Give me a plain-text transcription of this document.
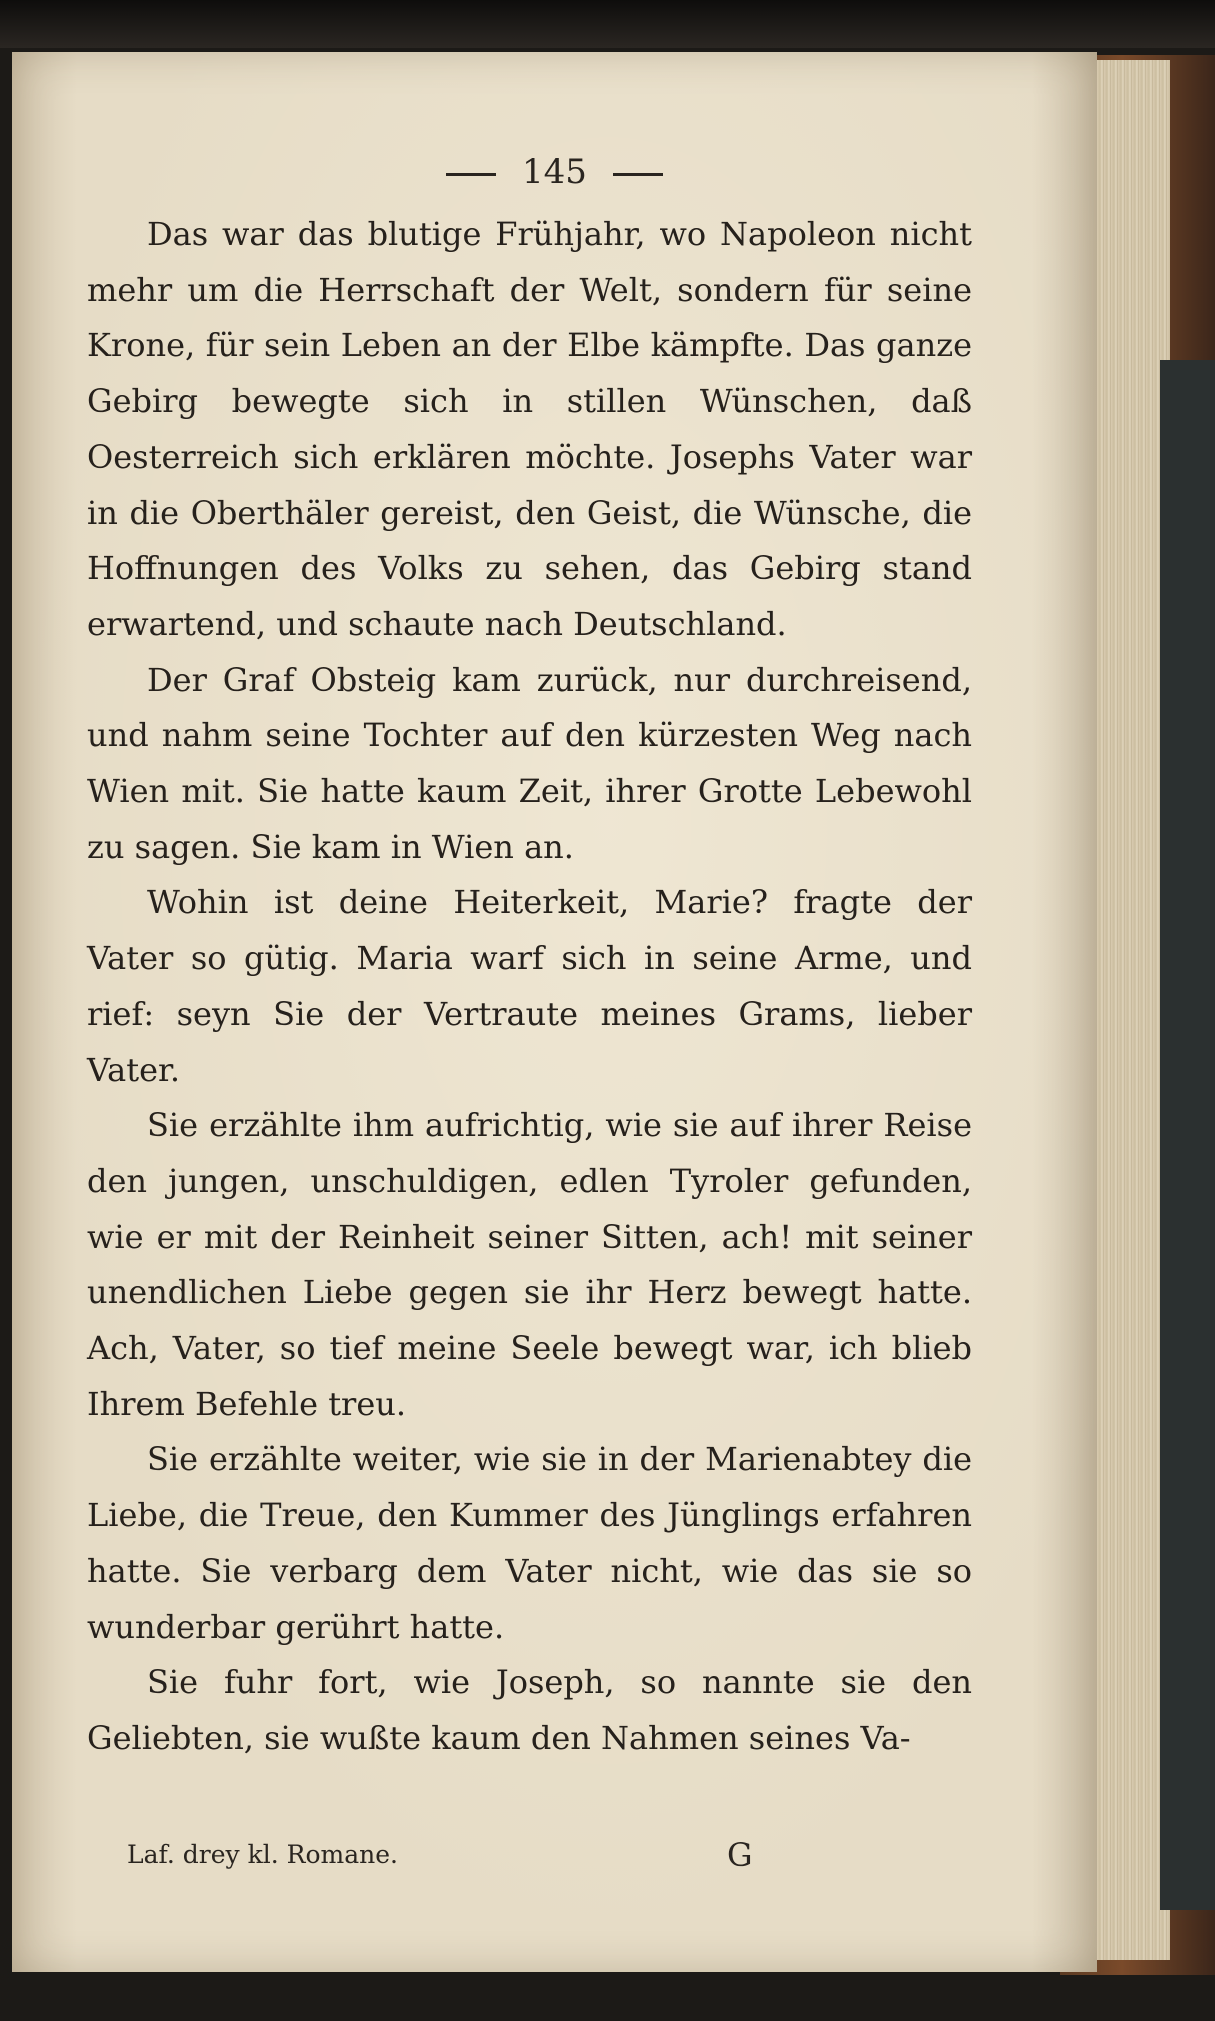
145

Das war das blutige Frühjahr, wo Napoleon nicht mehr um die Herrschaft der Welt, sondern für seine Krone, für sein Leben an der Elbe kämpfte. Das ganze Gebirg bewegte sich in stillen Wünschen, daß Oesterreich sich erklären möchte. Josephs Vater war in die Oberthäler gereist, den Geist, die Wünsche, die Hoffnungen des Volks zu sehen, das Gebirg stand erwartend, und schaute nach Deutschland.

Der Graf Obsteig kam zurück, nur durchreisend, und nahm seine Tochter auf den kürzesten Weg nach Wien mit. Sie hatte kaum Zeit, ihrer Grotte Lebewohl zu sagen. Sie kam in Wien an.

Wohin ist deine Heiterkeit, Marie? fragte der Vater so gütig. Maria warf sich in seine Arme, und rief: seyn Sie der Vertraute meines Grams, lieber Vater.

Sie erzählte ihm aufrichtig, wie sie auf ihrer Reise den jungen, unschuldigen, edlen Tyroler gefunden, wie er mit der Reinheit seiner Sitten, ach! mit seiner unendlichen Liebe gegen sie ihr Herz bewegt hatte. Ach, Vater, so tief meine Seele bewegt war, ich blieb Ihrem Befehle treu.

Sie erzählte weiter, wie sie in der Marienabtey die Liebe, die Treue, den Kummer des Jünglings erfahren hatte. Sie verbarg dem Vater nicht, wie das sie so wunderbar gerührt hatte.

Sie fuhr fort, wie Joseph, so nannte sie den Geliebten, sie wußte kaum den Nahmen seines Va-

Laf. drey kl. Romane.	G
